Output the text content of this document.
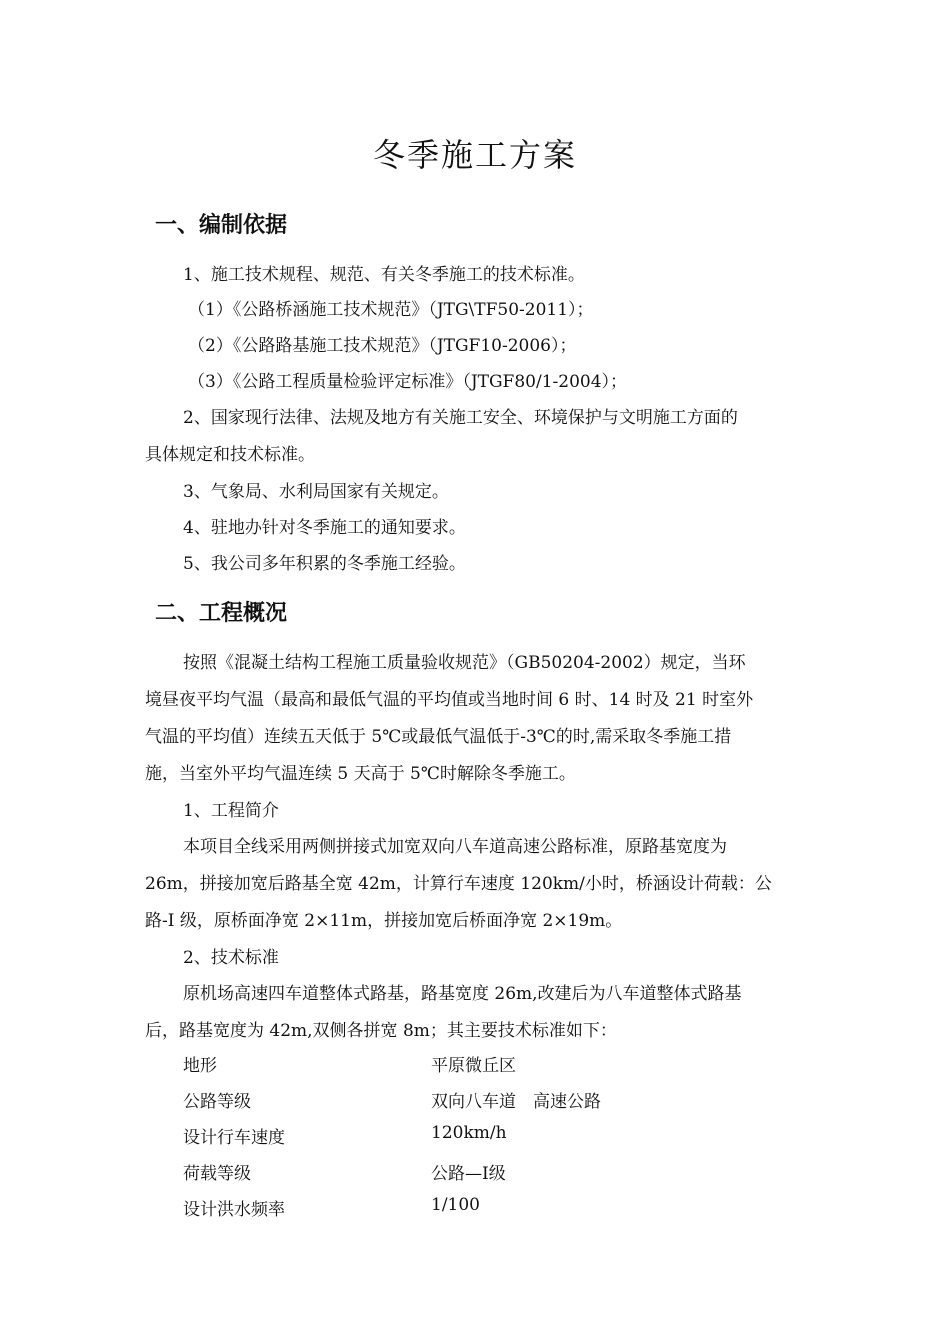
冬季施工方案
一、编制依据

1、施工技术规程、规范、有关冬季施工的技术标准。

（1）《公路桥涵施工技术规范》（JTG\TF50-2011）；

（2）《公路路基施工技术规范》（JTGF10-2006）；

（3）《公路工程质量检验评定标准》（JTGF80/1-2004）；

2、国家现行法律、法规及地方有关施工安全、环境保护与文明施工方面的

具体规定和技术标准。

3、气象局、水利局国家有关规定。

4、驻地办针对冬季施工的通知要求。

5、我公司多年积累的冬季施工经验。

二、工程概况

按照《混凝土结构工程施工质量验收规范》（GB50204-2002）规定，当环

境昼夜平均气温（最高和最低气温的平均值或当地时间 6 时、14 时及 21 时室外

气温的平均值）连续五天低于 5℃或最低气温低于-3℃的时,需采取冬季施工措

施，当室外平均气温连续 5 天高于 5℃时解除冬季施工。

1、工程简介

本项目全线采用两侧拼接式加宽双向八车道高速公路标准，原路基宽度为

26m，拼接加宽后路基全宽 42m，计算行车速度 120km/小时，桥涵设计荷载：公

路-I 级，原桥面净宽 2×11m，拼接加宽后桥面净宽 2×19m。

2、技术标准

原机场高速四车道整体式路基，路基宽度 26m,改建后为八车道整体式路基

后，路基宽度为 42m,双侧各拼宽 8m；其主要技术标准如下：

地形	平原微丘区
公路等级	双向八车道　高速公路
设计行车速度	120km/h
荷载等级	公路—Ⅰ级
设计洪水频率	1/100
